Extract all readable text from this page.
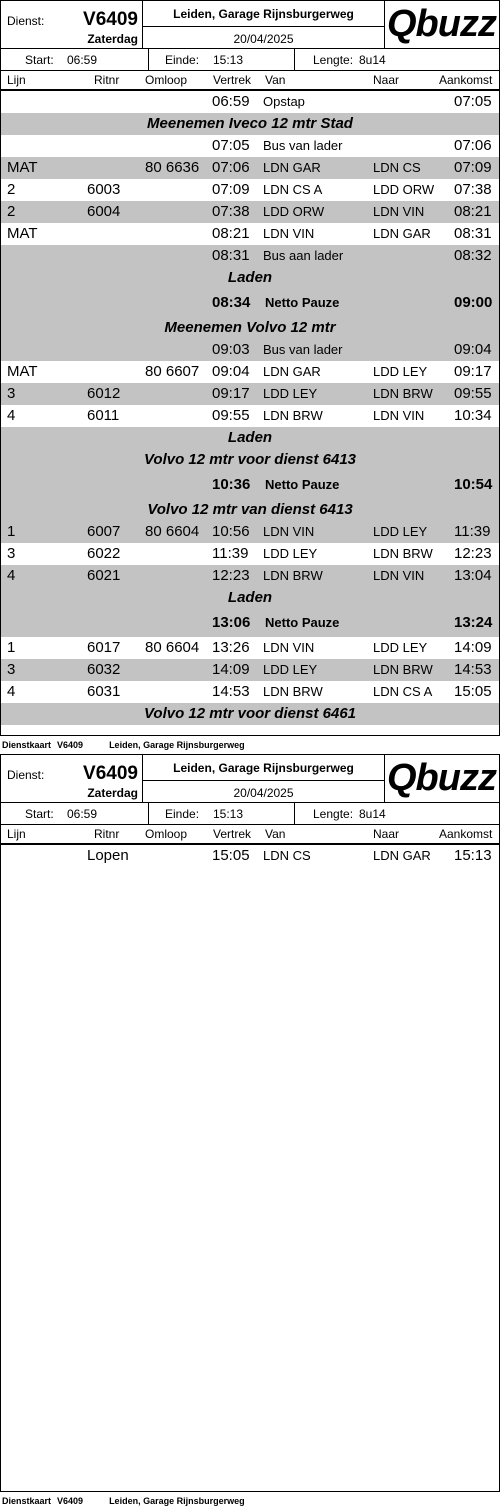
Dienst: V6409
Zaterdag
Leiden, Garage Rijnsburgerweg
20/04/2025	Qbuzz
Start: 06:59	Einde: 15:13	Lengte: 8u14
Lijn	Ritnr Omloop Vertrek Van	Naar	Aankomst
06:59 Opstap	07:05
Meenemen Iveco 12 mtr Stad
07:05 Bus van lader	07:06
MAT	80 6636 07:06 LDN GAR	LDN CS 07:09
2	6003	07:09 LDN CS A	LDD ORW 07:38
2	6004	07:38 LDD ORW	LDN VIN 08:21
MAT	08:21 LDN VIN	LDN GAR 08:31
08:31 Bus aan lader	08:32
Laden
08:34 Netto Pauze	09:00
Meenemen Volvo 12 mtr
09:03 Bus van lader	09:04
MAT	80 6607 09:04 LDN GAR	LDD LEY 09:17
3	6012	09:17 LDD LEY	LDN BRW 09:55
4	6011	09:55 LDN BRW	LDN VIN 10:34
Laden
Volvo 12 mtr voor dienst 6413
10:36 Netto Pauze	10:54
Volvo 12 mtr van dienst 6413
1	6007 80 6604 10:56 LDN VIN	LDD LEY 11:39
3	6022	11:39 LDD LEY	LDN BRW 12:23
4	6021	12:23 LDN BRW	LDN VIN 13:04
Laden
13:06 Netto Pauze	13:24
1	6017 80 6604 13:26 LDN VIN	LDD LEY 14:09
3	6032	14:09 LDD LEY	LDN BRW 14:53
4	6031	14:53 LDN BRW	LDN CS A 15:05
Volvo 12 mtr voor dienst 6461
Dienstkaart V6409	Leiden, Garage Rijnsburgerweg
Dienst: V6409
Zaterdag
Leiden, Garage Rijnsburgerweg
20/04/2025	Qbuzz
Start: 06:59	Einde: 15:13	Lengte: 8u14
Lijn	Ritnr Omloop Vertrek Van	Naar	Aankomst
Lopen	15:05 LDN CS	LDN GAR 15:13
Dienstkaart V6409	Leiden, Garage Rijnsburgerweg
